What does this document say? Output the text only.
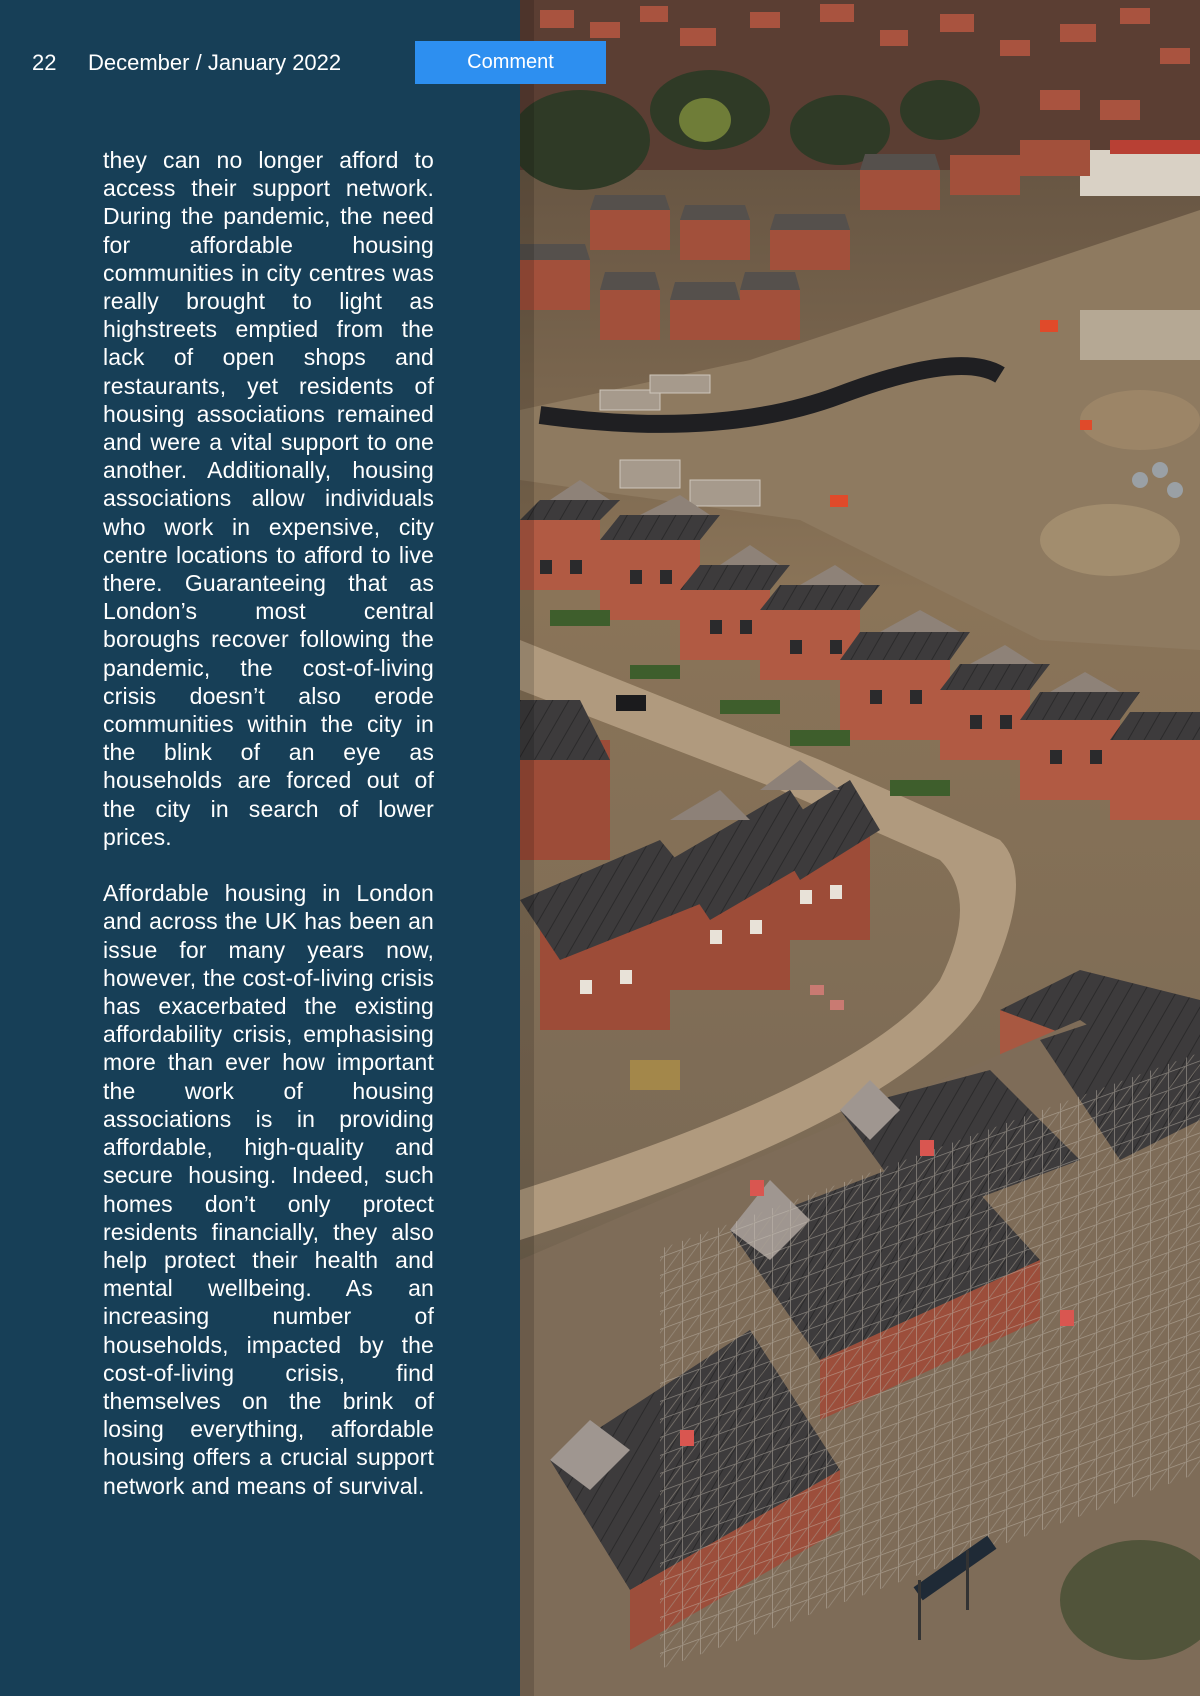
22 December / January 2022

they can no longer afford to access their support network. During the pandemic, the need for affordable housing communities in city centres was really brought to light as highstreets emptied from the lack of open shops and restaurants, yet residents of housing associations remained and were a vital support to one another. Additionally, housing associations allow individuals who work in expensive, city centre locations to afford to live there. Guaranteeing that as London’s most central boroughs recover following the pandemic, the cost-of-living crisis doesn’t also erode communities within the city in the blink of an eye as households are forced out of the city in search of lower prices.

Affordable housing in London and across the UK has been an issue for many years now, however, the cost-of-living crisis has exacerbated the existing affordability crisis, emphasising more than ever how important the work of housing associations is in providing affordable, high-quality and secure housing. Indeed, such homes don’t only protect residents financially, they also help protect their health and mental wellbeing. As an increasing number of households, impacted by the cost-of-living crisis, find themselves on the brink of losing everything, affordable housing offers a crucial support network and means of survival.

Comment
